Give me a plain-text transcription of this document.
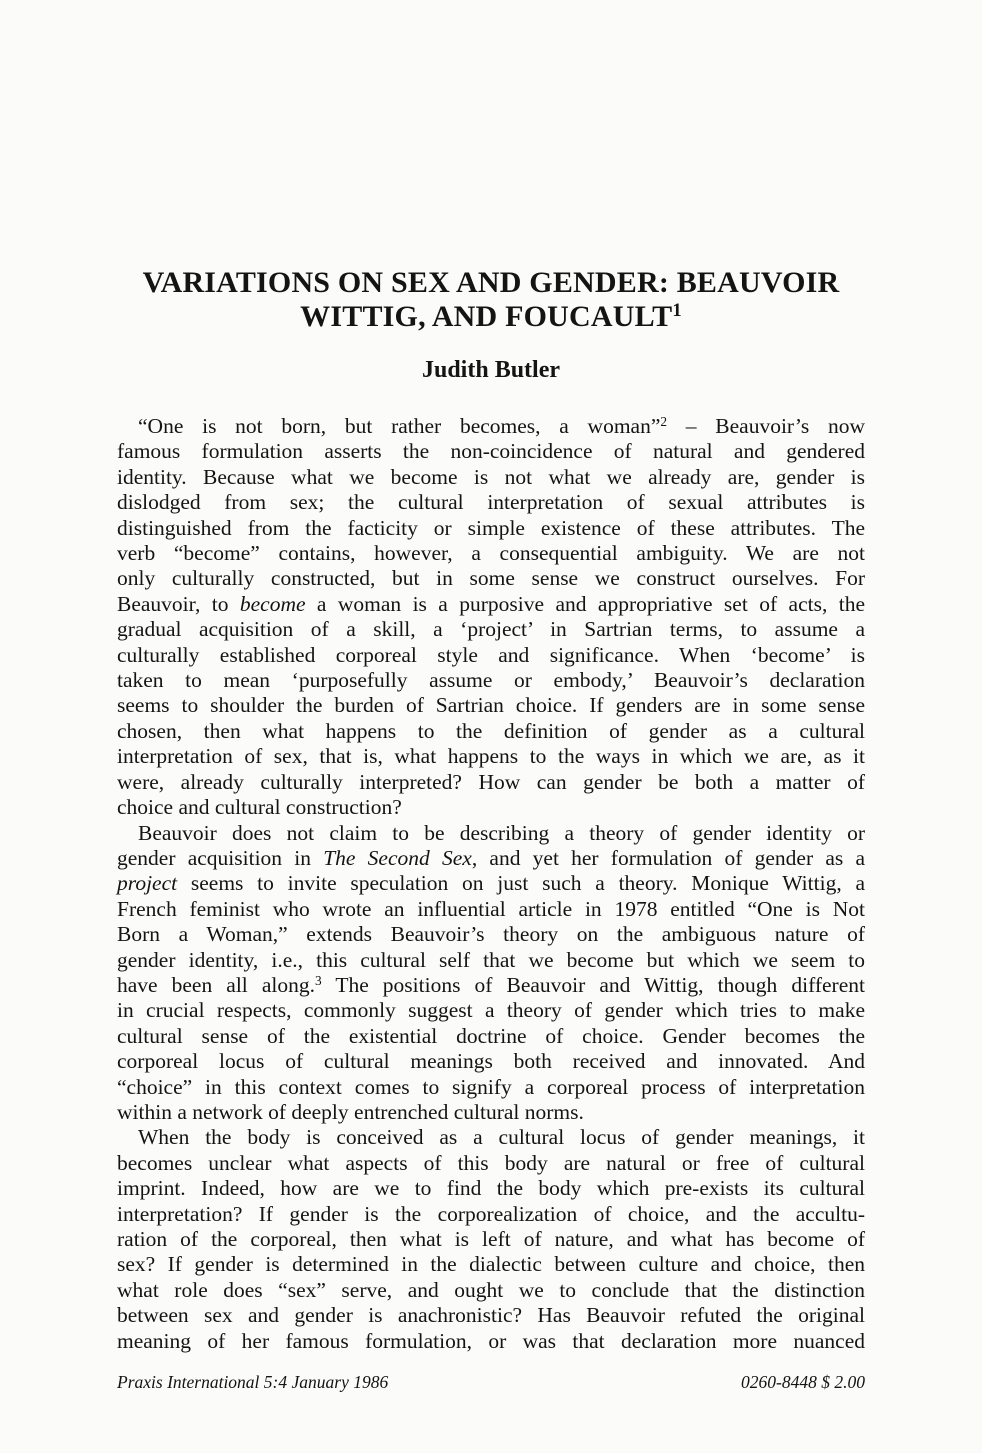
VARIATIONS ON SEX AND GENDER: BEAUVOIR
WITTIG, AND FOUCAULT$^1$
Judith Butler
“One is not born, but rather becomes, a woman”$^2$ – Beauvoir’s now
famous formulation asserts the non-coincidence of natural and gendered
identity. Because what we become is not what we already are, gender is
dislodged from sex; the cultural interpretation of sexual attributes is
distinguished from the facticity or simple existence of these attributes. The
verb “become” contains, however, a consequential ambiguity. We are not
only culturally constructed, but in some sense we construct ourselves. For
Beauvoir, to become a woman is a purposive and appropriative set of acts, the
gradual acquisition of a skill, a ‘project’ in Sartrian terms, to assume a
culturally established corporeal style and significance. When ‘become’ is
taken to mean ‘purposefully assume or embody,’ Beauvoir’s declaration
seems to shoulder the burden of Sartrian choice. If genders are in some sense
chosen, then what happens to the definition of gender as a cultural
interpretation of sex, that is, what happens to the ways in which we are, as it
were, already culturally interpreted? How can gender be both a matter of
choice and cultural construction?
Beauvoir does not claim to be describing a theory of gender identity or
gender acquisition in The Second Sex, and yet her formulation of gender as a
project seems to invite speculation on just such a theory. Monique Wittig, a
French feminist who wrote an influential article in 1978 entitled “One is Not
Born a Woman,” extends Beauvoir’s theory on the ambiguous nature of
gender identity, i.e., this cultural self that we become but which we seem to
have been all along.$^3$ The positions of Beauvoir and Wittig, though different
in crucial respects, commonly suggest a theory of gender which tries to make
cultural sense of the existential doctrine of choice. Gender becomes the
corporeal locus of cultural meanings both received and innovated. And
“choice” in this context comes to signify a corporeal process of interpretation
within a network of deeply entrenched cultural norms.
When the body is conceived as a cultural locus of gender meanings, it
becomes unclear what aspects of this body are natural or free of cultural
imprint. Indeed, how are we to find the body which pre-exists its cultural
interpretation? If gender is the corporealization of choice, and the accultu-
ration of the corporeal, then what is left of nature, and what has become of
sex? If gender is determined in the dialectic between culture and choice, then
what role does “sex” serve, and ought we to conclude that the distinction
between sex and gender is anachronistic? Has Beauvoir refuted the original
meaning of her famous formulation, or was that declaration more nuanced
Praxis International 5:4 January 1986	0260-8448 $ 2.00
